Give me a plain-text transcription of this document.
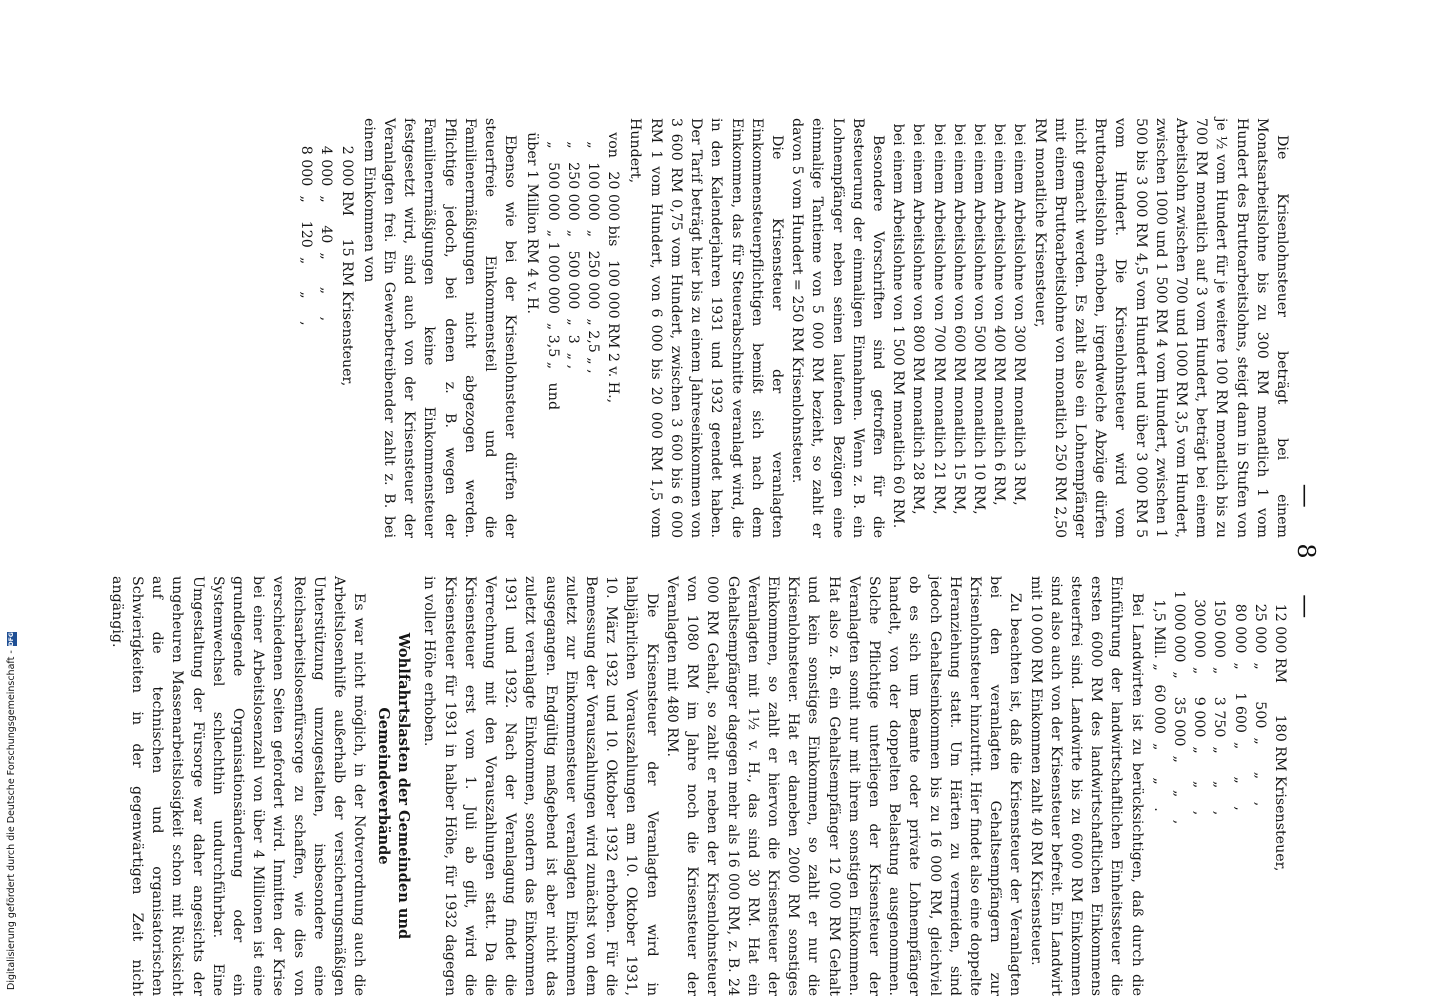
— 8 —

Die Krisenlohnsteuer beträgt bei einem Monatsarbeitslohne bis zu 300 RM monatlich 1 vom Hundert des Bruttoarbeitslohns, steigt dann in Stufen von je ½ vom Hundert für je weitere 100 RM monatlich bis zu 700 RM monatlich auf 3 vom Hundert, beträgt bei einem Arbeitslohn zwischen 700 und 1000 RM 3,5 vom Hundert, zwischen 1000 und 1 500 RM 4 vom Hundert, zwischen 1 500 bis 3 000 RM 4,5 vom Hundert und über 3 000 RM 5 vom Hundert. Die Krisenlohnsteuer wird vom Bruttoarbeitslohn erhoben, irgendwelche Abzüge dürfen nicht gemacht werden. Es zahlt also ein Lohnempfänger mit einem Bruttoarbeitslohne von monatlich 250 RM 2,50 RM monatliche Krisensteuer,

bei einem Arbeitslohne von 300 RM monatlich 3 RM,
bei einem Arbeitslohne von 400 RM monatlich 6 RM,
bei einem Arbeitslohne von 500 RM monatlich 10 RM,
bei einem Arbeitslohne von 600 RM monatlich 15 RM,
bei einem Arbeitslohne von 700 RM monatlich 21 RM,
bei einem Arbeitslohne von 800 RM monatlich 28 RM,
bei einem Arbeitslohne von 1 500 RM monatlich 60 RM.

Besondere Vorschriften sind getroffen für die Besteuerung der einmaligen Einnahmen. Wenn z. B. ein Lohnempfänger neben seinen laufenden Bezügen eine einmalige Tantieme von 5 000 RM bezieht, so zahlt er davon 5 vom Hundert = 250 RM Krisenlohnsteuer.

Die Krisensteuer der veranlagten Einkommensteuerpflichtigen bemißt sich nach dem Einkommen, das für Steuerabschnitte veranlagt wird, die in den Kalenderjahren 1931 und 1932 geendet haben. Der Tarif beträgt hier bis zu einem Jahreseinkommen von 3 600 RM 0,75 vom Hundert, zwischen 3 600 bis 6 000 RM 1 vom Hundert, von 6 000 bis 20 000 RM 1,5 vom Hundert,

von   20 000 bis   100 000 RM 2 v. H.,
„   100 000  „   250 000  „ 2,5 „ ,
„   250 000  „   500 000  „  3  „ ,
„   500 000  „ 1 000 000  „ 3,5 „   und
über 1 Million RM 4 v. H.

Ebenso wie bei der Krisenlohnsteuer dürfen der steuerfreie Einkommensteil und die Familienermäßigungen nicht abgezogen werden. Pflichtige jedoch, bei denen z. B. wegen der Familienermäßigungen keine Einkommensteuer festgesetzt wird, sind auch von der Krisensteuer der Veranlagten frei. Ein Gewerbetreibender zahlt z. B. bei einem Einkommen von

2 000 RM     15 RM Krisensteuer,
4 000  „     40  „      „     ,
8 000  „    120  „      „     ,
12 000 RM       180 RM Krisensteuer,
25 000  „       500  „      „     ,
80 000  „     1 600  „      „     ,
150 000  „     3 750  „      „     ,
300 000  „     9 000  „      „     ,
1 000 000  „    35 000  „      „     ,
1,5 Mill. „   60 000  „      „     .

Bei Landwirten ist zu berücksichtigen, daß durch die Einführung der landwirtschaftlichen Einheitssteuer die ersten 6000 RM des landwirtschaftlichen Einkommens steuerfrei sind. Landwirte bis zu 6000 RM Einkommen sind also auch von der Krisensteuer befreit. Ein Landwirt mit 10 000 RM Einkommen zahlt 40 RM Krisensteuer.

Zu beachten ist, daß die Krisensteuer der Veranlagten bei den veranlagten Gehaltsempfängern zur Krisenlohnsteuer hinzutritt. Hier findet also eine doppelte Heranziehung statt. Um Härten zu vermeiden, sind jedoch Gehaltseinkommen bis zu 16 000 RM, gleichviel ob es sich um Beamte oder private Lohnempfänger handelt, von der doppelten Belastung ausgenommen. Solche Pflichtige unterliegen der Krisensteuer der Veranlagten somit nur mit ihrem sonstigen Einkommen. Hat also z. B. ein Gehaltsempfänger 12 000 RM Gehalt und kein sonstiges Einkommen, so zahlt er nur die Krisenlohnsteuer. Hat er daneben 2000 RM sonstiges Einkommen, so zahlt er hiervon die Krisensteuer der Veranlagten mit 1½ v. H., das sind 30 RM. Hat ein Gehaltsempfänger dagegen mehr als 16 000 RM, z. B. 24 000 RM Gehalt, so zahlt er neben der Krisenlohnsteuer von 1080 RM im Jahre noch die Krisensteuer der Veranlagten mit 480 RM.

Die Krisensteuer der Veranlagten wird in halbjährlichen Vorauszahlungen am 10. Oktober 1931, 10. März 1932 und 10. Oktober 1932 erhoben. Für die Bemessung der Vorauszahlungen wird zunächst von dem zuletzt zur Einkommensteuer veranlagten Einkommen ausgegangen. Endgültig maßgebend ist aber nicht das zuletzt veranlagte Einkommen, sondern das Einkommen 1931 und 1932. Nach der Veranlagung findet die Verrechnung mit den Vorauszahlungen statt. Da die Krisensteuer erst vom 1. Juli ab gilt, wird die Krisensteuer für 1931 in halber Höhe, für 1932 dagegen in voller Höhe erhoben.

Wohlfahrtslasten der Gemeinden und Gemeindeverbände

Es war nicht möglich, in der Notverordnung auch die Arbeitslosenhilfe außerhalb der versicherungsmäßigen Unterstützung umzugestalten, insbesondere eine Reichsarbeitslosenfürsorge zu schaffen, wie dies von verschiedenen Seiten gefordert wird. Inmitten der Krise bei einer Arbeitslosenzahl von über 4 Millionen ist eine grundlegende Organisationsänderung oder ein Systemwechsel schlechthin undurchführbar. Eine Umgestaltung der Fürsorge war daher angesichts der ungeheuren Massenarbeitslosigkeit schon mit Rücksicht auf die technischen und organisatorischen Schwierigkeiten in der gegenwärtigen Zeit nicht angängig.

Digitalisierung gefördert durch die Deutsche Forschungsgemeinschaft -
DFG
